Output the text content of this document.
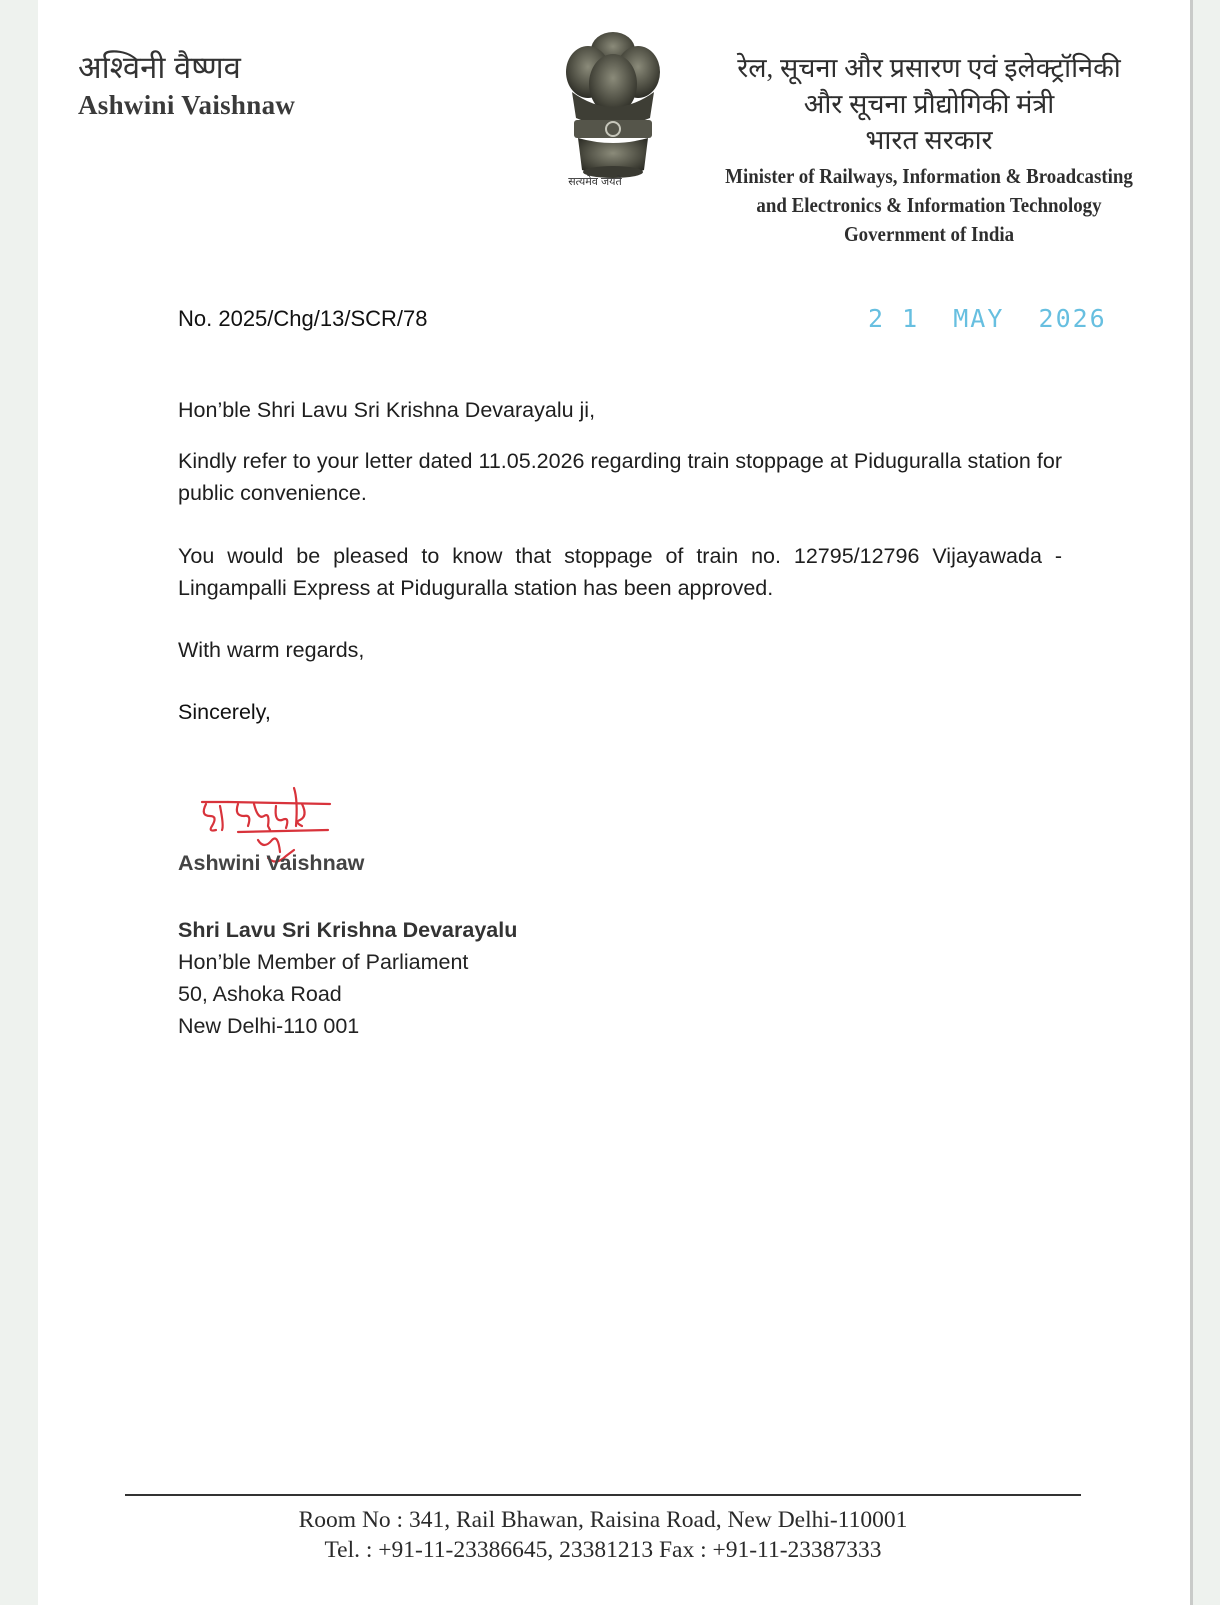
अश्विनी वैष्णव
Ashwini Vaishnaw
सत्यमेव जयते
रेल, सूचना और प्रसारण एवं इलेक्ट्रॉनिकी
और सूचना प्रौद्योगिकी मंत्री
भारत सरकार
Minister of Railways, Information & Broadcasting
and Electronics & Information Technology
Government of India
No. 2025/Chg/13/SCR/78	2 1  MAY  2026
Hon’ble Shri Lavu Sri Krishna Devarayalu ji,
Kindly refer to your letter dated 11.05.2026 regarding train stoppage at Piduguralla station for public convenience.
You would be pleased to know that stoppage of train no. 12795/12796 Vijayawada - Lingampalli Express at Piduguralla station has been approved.
With warm regards,
Sincerely,
Ashwini Vaishnaw
Shri Lavu Sri Krishna Devarayalu
Hon’ble Member of Parliament
50, Ashoka Road
New Delhi-110 001
Room No : 341, Rail Bhawan, Raisina Road, New Delhi-110001
Tel. : +91-11-23386645, 23381213 Fax : +91-11-23387333
